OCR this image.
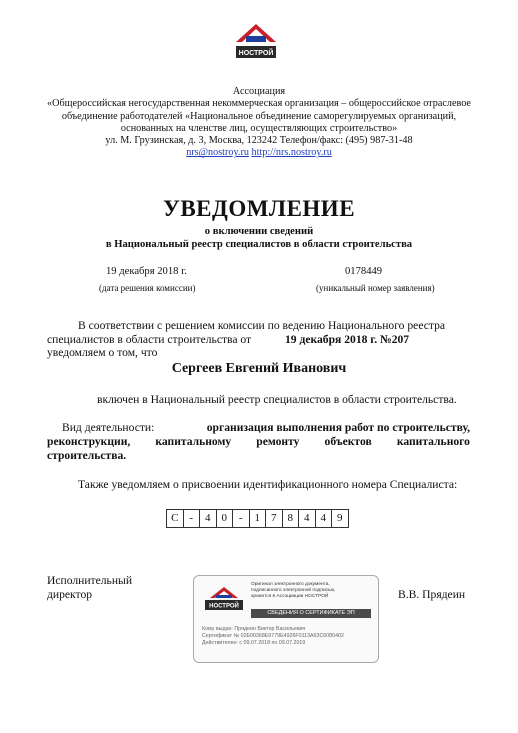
НОСТРОЙ
Ассоциация
«Общероссийская негосударственная некоммерческая организация – общероссийское отраслевое
объединение работодателей «Национальное объединение саморегулируемых организаций,
основанных на членстве лиц, осуществляющих строительство»
ул. М. Грузинская, д. 3, Москва, 123242 Телефон/факс: (495) 987-31-48
nrs@nostroy.ru http://nrs.nostroy.ru
УВЕДОМЛЕНИЕ
о включении сведений
в Национальный реестр специалистов в области строительства
19 декабря 2018 г.
(дата решения комиссии)
0178449
(уникальный номер заявления)
В соответствии с решением комиссии по ведению Национального реестра
специалистов в области строительства от	19 декабря 2018 г. №207
уведомляем о том, что
Сергеев Евгений Иванович
включен в Национальный реестр специалистов в области строительства.
Вид деятельности:	организация выполнения работ по строительству,
реконструкции, капитальному ремонту объектов капитального
строительства.
Также уведомляем о присвоении идентификационного номера Специалиста:
С -	4	0	-	1	7	8	4	4	9
Исполнительный
директор	В.В. Прядеин
НОСТРОЙ
Оригинал электронного документа,
подписанного электронной подписью,
хранится в Ассоциации НОСТРОЙ
СВЕДЕНИЯ О СЕРТИФИКАТЕ ЭП
Кому выдан: Прядеин Виктор Васильевич
Сертификат № 02E00368E9779E4926F0113A63C6080402
Действителен: с 09.07.2018 по 09.07.2019
